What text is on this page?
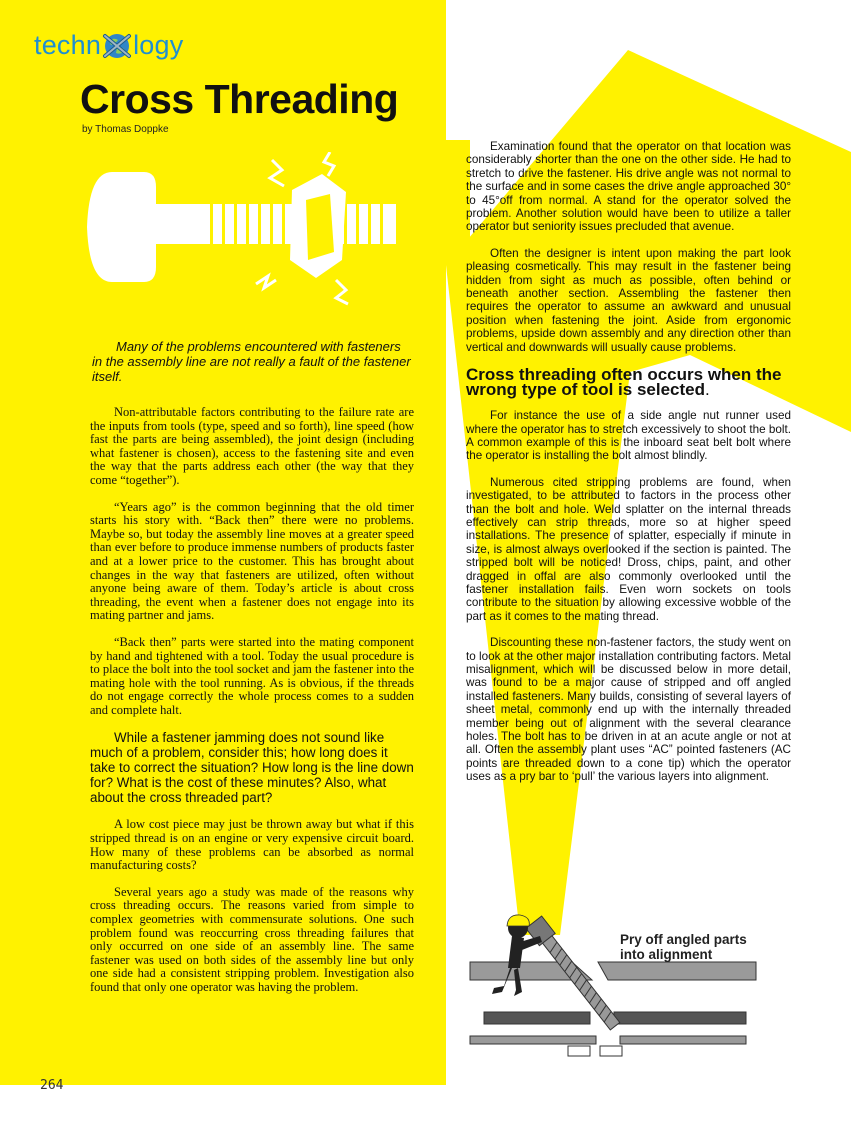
techn logy
Cross Threading
by Thomas Doppke

Many of the problems encountered with fasteners in the assembly line are not really a fault of the fastener itself.

Non-attributable factors contributing to the failure rate are the inputs from tools (type, speed and so forth), line speed (how fast the parts are being assembled), the joint design (including what fastener is chosen), access to the fastening site and even the way that the parts address each other (the way that they come “together”).

“Years ago” is the common beginning that the old timer starts his story with. “Back then” there were no problems. Maybe so, but today the assembly line moves at a greater speed than ever before to produce immense numbers of products faster and at a lower price to the customer. This has brought about changes in the way that fasteners are utilized, often without anyone being aware of them. Today’s article is about cross threading, the event when a fastener does not engage into its mating partner and jams.

“Back then” parts were started into the mating component by hand and tightened with a tool. Today the usual procedure is to place the bolt into the tool socket and jam the fastener into the mating hole with the tool running. As is obvious, if the threads do not engage correctly the whole process comes to a sudden and complete halt.

While a fastener jamming does not sound like much of a problem, consider this; how long does it take to correct the situation? How long is the line down for? What is the cost of these minutes? Also, what about the cross threaded part?

A low cost piece may just be thrown away but what if this stripped thread is on an engine or very expensive circuit board. How many of these problems can be absorbed as normal manufacturing costs?

Several years ago a study was made of the reasons why cross threading occurs. The reasons varied from simple to complex geometries with commensurate solutions. One such problem found was reoccurring cross threading failures that only occurred on one side of an assembly line. The same fastener was used on both sides of the assembly line but only one side had a consistent stripping problem. Investigation also found that only one operator was having the problem.

Examination found that the operator on that location was considerably shorter than the one on the other side. He had to stretch to drive the fastener. His drive angle was not normal to the surface and in some cases the drive angle approached 30° to 45°off from normal. A stand for the operator solved the problem. Another solution would have been to utilize a taller operator but seniority issues precluded that avenue.

Often the designer is intent upon making the part look pleasing cosmetically. This may result in the fastener being hidden from sight as much as possible, often behind or beneath another section. Assembling the fastener then requires the operator to assume an awkward and unusual position when fastening the joint. Aside from ergonomic problems, upside down assembly and any direction other than vertical and downwards will usually cause problems.

Cross threading often occurs when the wrong type of tool is selected.

For instance the use of a side angle nut runner used where the operator has to stretch excessively to shoot the bolt. A common example of this is the inboard seat belt bolt where the operator is installing the bolt almost blindly.

Numerous cited stripping problems are found, when investigated, to be attributed to factors in the process other than the bolt and hole. Weld splatter on the internal threads effectively can strip threads, more so at higher speed installations. The presence of splatter, especially if minute in size, is almost always overlooked if the section is painted. The stripped bolt will be noticed! Dross, chips, paint, and other dragged in offal are also commonly overlooked until the fastener installation fails. Even worn sockets on tools contribute to the situation by allowing excessive wobble of the part as it comes to the mating thread.

Discounting these non-fastener factors, the study went on to look at the other major installation contributing factors. Metal misalignment, which will be discussed below in more detail, was found to be a major cause of stripped and off angled installed fasteners. Many builds, consisting of several layers of sheet metal, commonly end up with the internally threaded member being out of alignment with the several clearance holes. The bolt has to be driven in at an acute angle or not at all. Often the assembly plant uses “AC” pointed fasteners (AC points are threaded down to a cone tip) which the operator uses as a pry bar to ‘pull’ the various layers into alignment.

Pry off angled parts
into alignment
264
